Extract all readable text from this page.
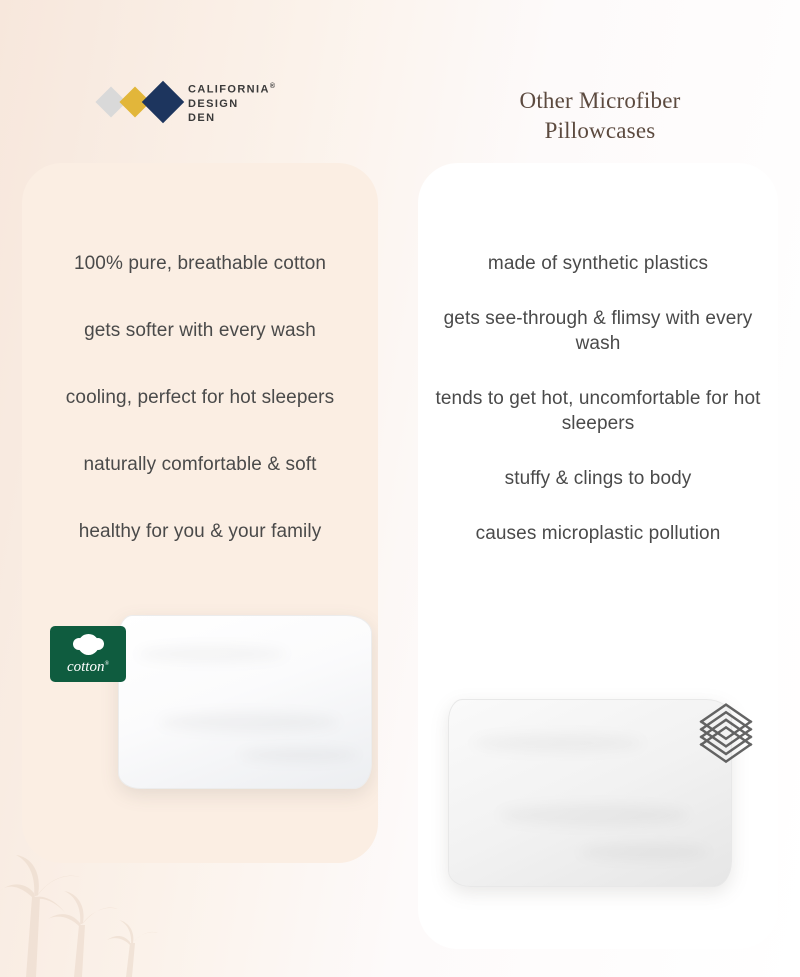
CALIFORNIA®
DESIGN
DEN
Other Microfiber
Pillowcases
100% pure, breathable cotton
gets softer with every wash
cooling, perfect for hot sleepers
naturally comfortable & soft
healthy for you & your family
cotton®
made of synthetic plastics
gets see-through & flimsy with every wash
tends to get hot, uncomfortable for hot sleepers
stuffy & clings to body
causes microplastic pollution
